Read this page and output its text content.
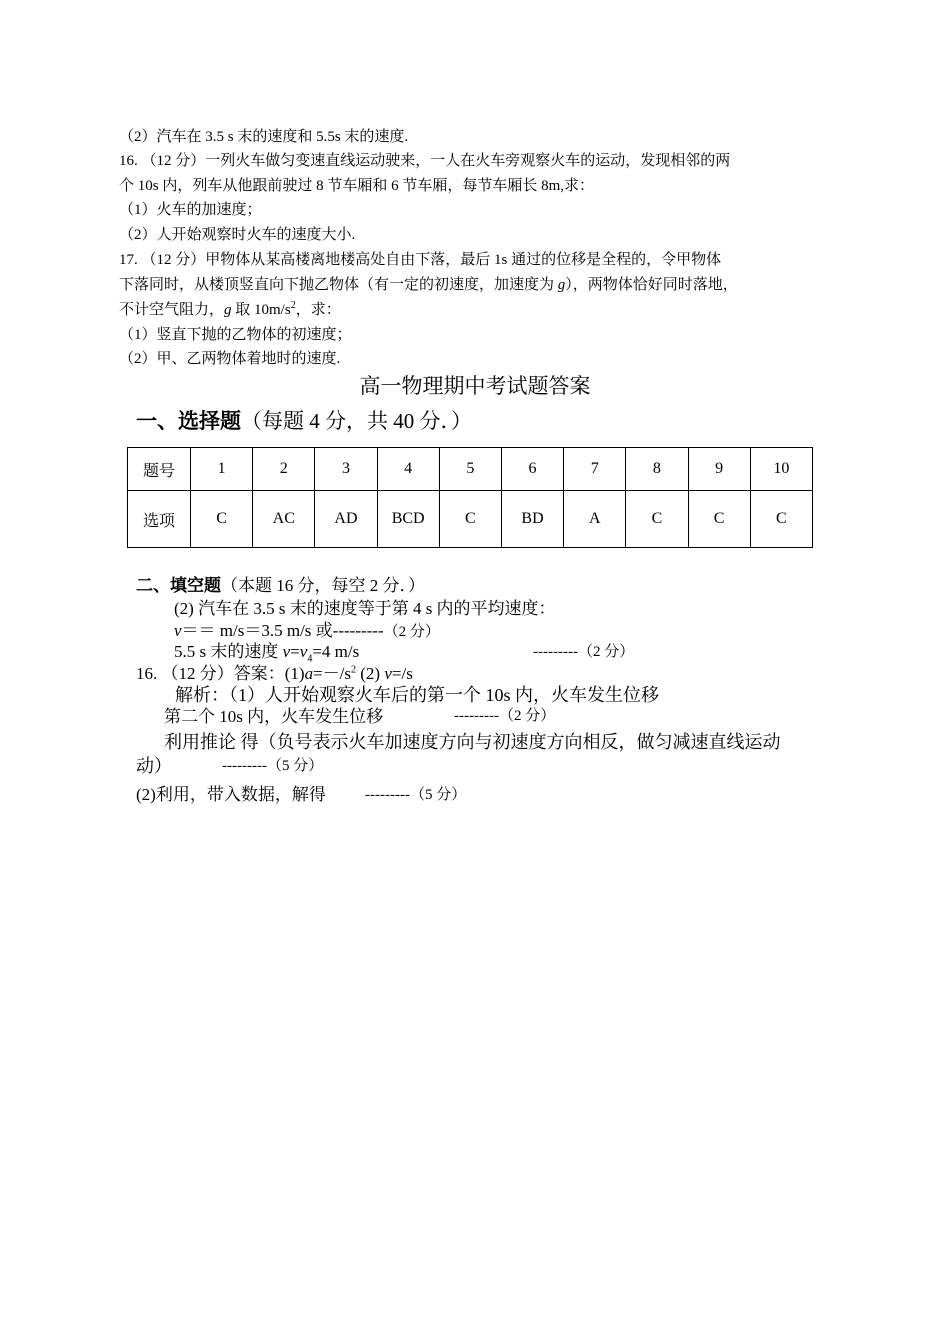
（2）汽车在 3.5 s 末的速度和 5.5s 末的速度.
16. （12 分）一列火车做匀变速直线运动驶来，一人在火车旁观察火车的运动，发现相邻的两
个 10s 内，列车从他跟前驶过 8 节车厢和 6 节车厢，每节车厢长 8m,求：
（1）火车的加速度；
（2）人开始观察时火车的速度大小.
17. （12 分）甲物体从某高楼离地楼高处自由下落，最后 1s 通过的位移是全程的，令甲物体
下落同时，从楼顶竖直向下抛乙物体（有一定的初速度，加速度为 g），两物体恰好同时落地，
不计空气阻力，g 取 $10m/s^2$，求：
（1）竖直下抛的乙物体的初速度；
（2）甲、乙两物体着地时的速度.
高一物理期中考试题答案
一、选择题（每题 4 分，共 40 分．）
题号	1	2	3	4	5	6	7	8	9	10
选项	C	AC	AD	BCD	C	BD	A	C	C	C
二、填空题（本题 16 分，每空 2 分．）
(2) 汽车在 3.5 s 末的速度等于第 4 s 内的平均速度：
v＝＝ m/s＝3.5 m/s 或---------（2 分）
5.5 s 末的速度 $v=v_4=4$ m/s	---------（2 分）
16. （12 分）答案：$(1)a=-/s^2$ (2) v=/s
解析：（1）人开始观察火车后的第一个 10s 内，火车发生位移
第二个 10s 内，火车发生位移	---------（2 分）
利用推论 得（负号表示火车加速度方向与初速度方向相反，做匀减速直线运动
动）	---------（5 分）
(2)利用，带入数据，解得	---------（5 分）
